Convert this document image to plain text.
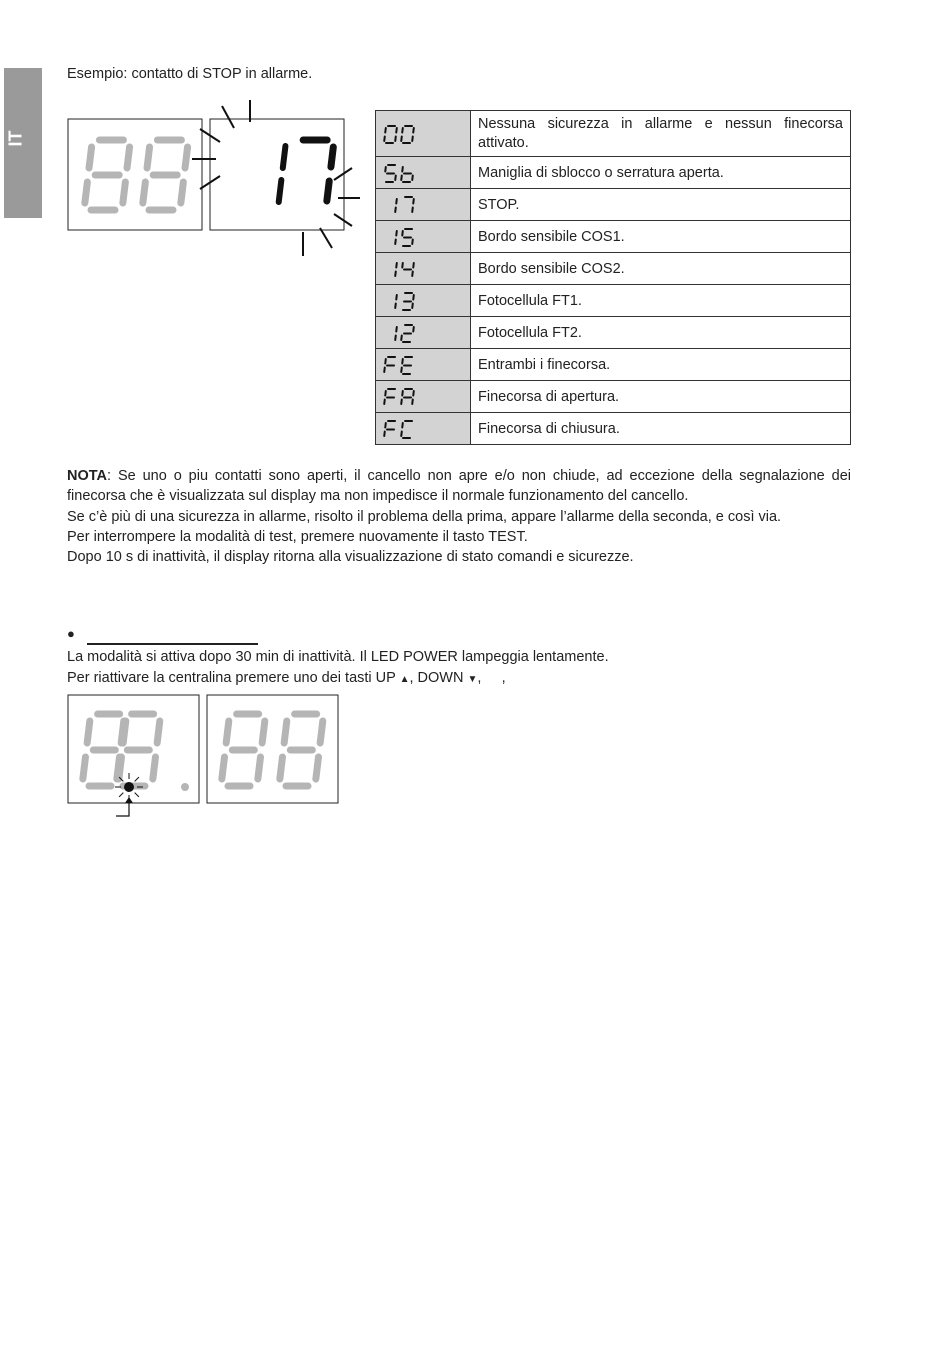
IT
Esempio: contatto di STOP in allarme.
	Nessuna sicurezza in allarme e nessun finecorsa attivato.

	Maniglia di sblocco o serratura aperta.

	STOP.

	Bordo sensibile COS1.

	Bordo sensibile COS2.

	Fotocellula FT1.

	Fotocellula FT2.

	Entrambi i finecorsa.

	Finecorsa di apertura.

	Finecorsa di chiusura.
NOTA: Se uno o piu contatti sono aperti, il cancello non apre e/o non chiude, ad eccezione della segnalazione dei finecorsa che è visualizzata sul display ma non impedisce il normale funzionamento del cancello.
Se c’è più di una sicurezza in allarme, risolto il problema della prima, appare l’allarme della seconda, e così via.
Per interrompere la modalità di test, premere nuovamente il tasto TEST.
Dopo 10 s di inattività, il display ritorna alla visualizzazione di stato comandi e sicurezze.
●
La modalità si attiva dopo 30 min di inattività. Il LED POWER lampeggia lentamente.
Per riattivare la centralina premere uno dei tasti UP ▲, DOWN ▼,     ,
